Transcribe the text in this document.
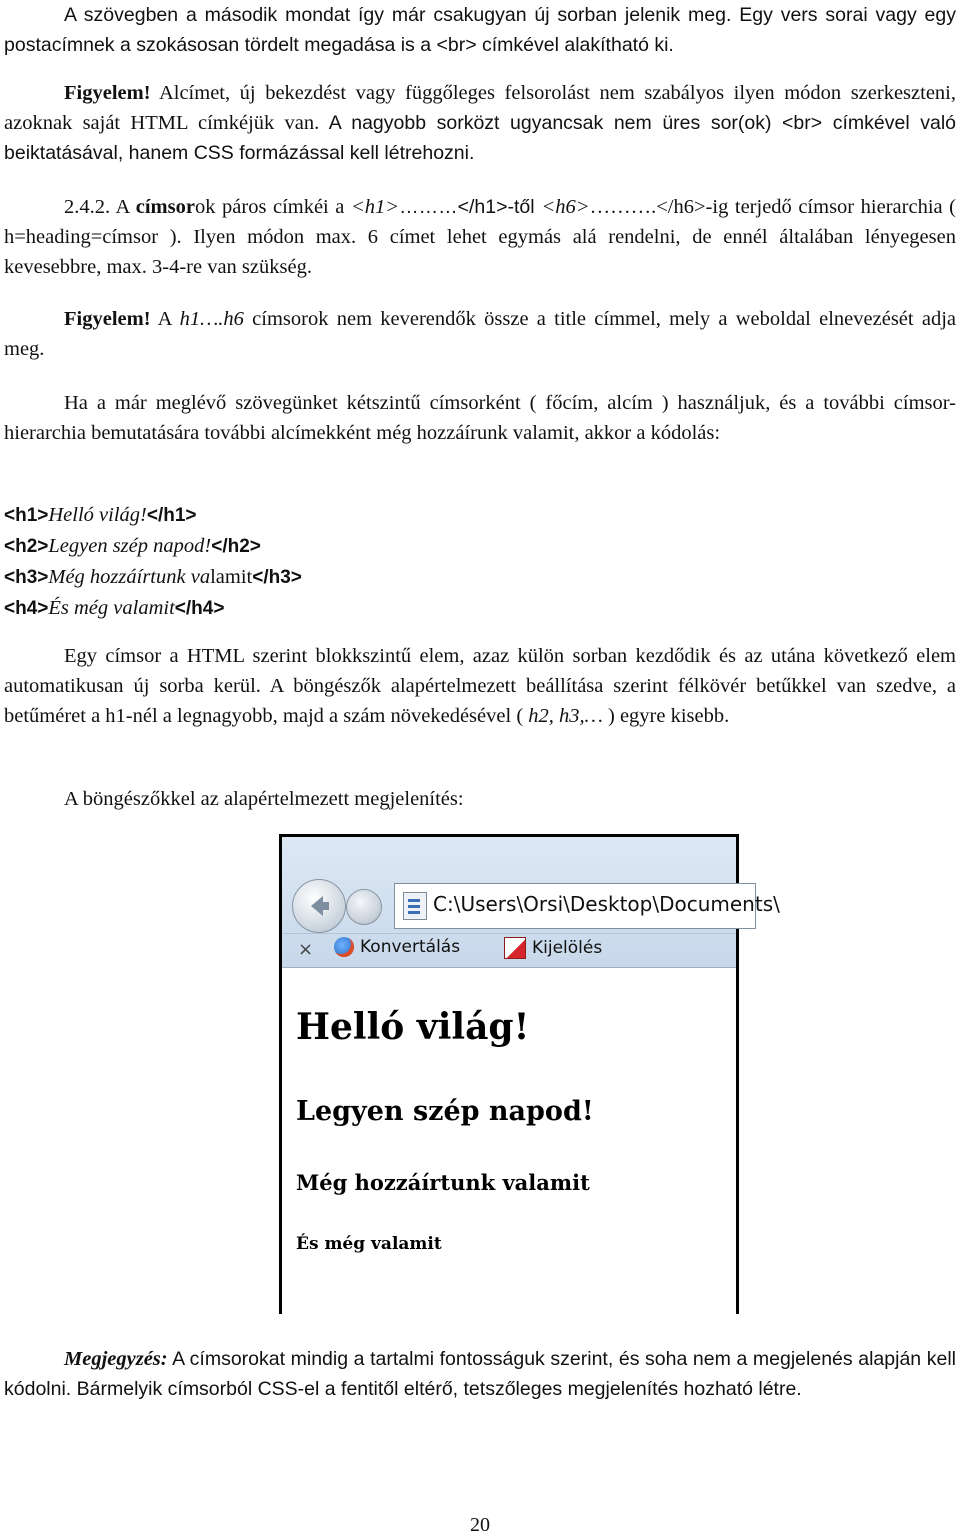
A szövegben a második mondat így már csakugyan új sorban jelenik meg. Egy vers sorai vagy egy postacímnek a szokásosan tördelt megadása is a <br> címkével alakítható ki.

Figyelem! Alcímet, új bekezdést vagy függőleges felsorolást nem szabályos ilyen módon szerkeszteni, azoknak saját HTML címkéjük van. A nagyobb sorközt ugyancsak nem üres sor(ok) <br> címkével való beiktatásával, hanem CSS formázással kell létrehozni.

2.4.2. A címsorok páros címkéi a <h1>………</h1>-től <h6>……….</h6>-ig terjedő címsor hierarchia ( h=heading=címsor ). Ilyen módon max. 6 címet lehet egymás alá rendelni, de ennél általában lényegesen kevesebbre, max. 3-4-re van szükség.

Figyelem! A h1….h6 címsorok nem keverendők össze a title címmel, mely a weboldal elnevezését adja meg.

Ha a már meglévő szövegünket kétszintű címsorként ( főcím, alcím ) használjuk, és a további címsor-hierarchia bemutatására további alcímekként még hozzáírunk valamit, akkor a kódolás:

<h1>Helló világ!</h1>
<h2>Legyen szép napod!</h2>
<h3>Még hozzáírtunk valamit</h3>
<h4>És még valamit</h4>

Egy címsor a HTML szerint blokkszintű elem, azaz külön sorban kezdődik és az utána következő elem automatikusan új sorba kerül. A böngészők alapértelmezett beállítása szerint félkövér betűkkel van szedve, a betűméret a h1-nél a legnagyobb, majd a szám növekedésével ( h2, h3,… ) egyre kisebb.

A böngészőkkel az alapértelmezett megjelenítés:

C:\Users\Orsi\Desktop\Documents\
×	Konvertálás	Kijelölés
Helló világ!
Legyen szép napod!
Még hozzáírtunk valamit
És még valamit

Megjegyzés: A címsorokat mindig a tartalmi fontosságuk szerint, és soha nem a megjelenés alapján kell kódolni. Bármelyik címsorból CSS-el a fentitől eltérő, tetszőleges megjelenítés hozható létre.

20
